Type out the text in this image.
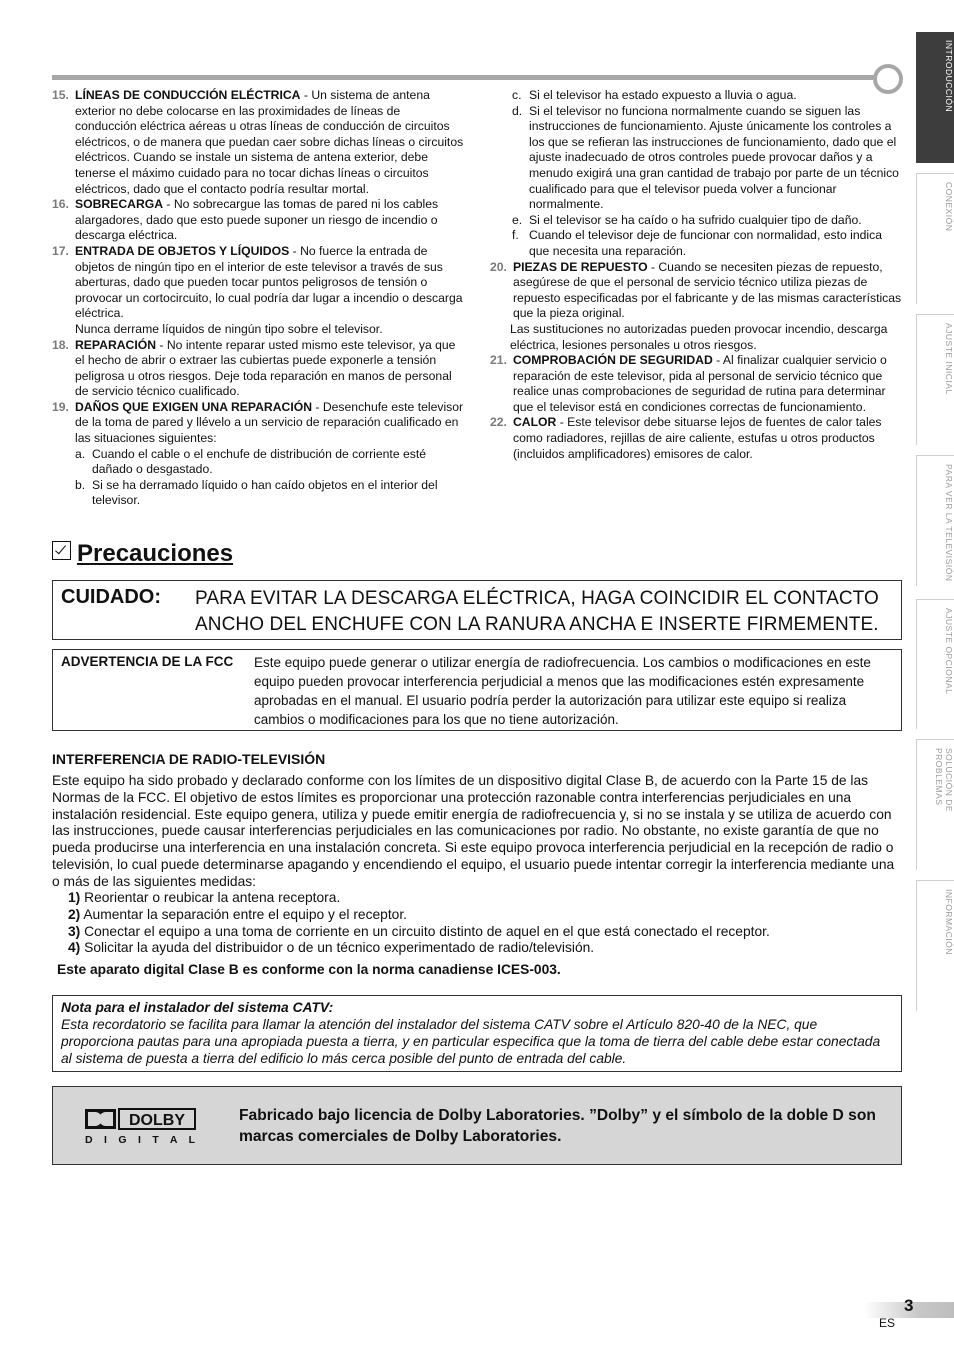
INTRODUCCIÓN
CONEXIÓN
AJUSTE INICIAL
PARA VER LA TELEVISIÓN
AJUSTE OPCIONAL
SOLUCIÓN DE PROBLEMAS
INFORMACIÓN
15. LÍNEAS DE CONDUCCIÓN ELÉCTRICA - Un sistema de antena exterior no debe colocarse en las proximidades de líneas de conducción eléctrica aéreas u otras líneas de conducción de circuitos eléctricos, o de manera que puedan caer sobre dichas líneas o circuitos eléctricos. Cuando se instale un sistema de antena exterior, debe tenerse el máximo cuidado para no tocar dichas líneas o circuitos eléctricos, dado que el contacto podría resultar mortal.
16. SOBRECARGA - No sobrecargue las tomas de pared ni los cables alargadores, dado que esto puede suponer un riesgo de incendio o descarga eléctrica.
17. ENTRADA DE OBJETOS Y LÍQUIDOS - No fuerce la entrada de objetos de ningún tipo en el interior de este televisor a través de sus aberturas, dado que pueden tocar puntos peligrosos de tensión o provocar un cortocircuito, lo cual podría dar lugar a incendio o descarga eléctrica.
Nunca derrame líquidos de ningún tipo sobre el televisor.
18. REPARACIÓN - No intente reparar usted mismo este televisor, ya que el hecho de abrir o extraer las cubiertas puede exponerle a tensión peligrosa u otros riesgos. Deje toda reparación en manos de personal de servicio técnico cualificado.
19. DAÑOS QUE EXIGEN UNA REPARACIÓN - Desenchufe este televisor de la toma de pared y llévelo a un servicio de reparación cualificado en las situaciones siguientes:
a. Cuando el cable o el enchufe de distribución de corriente esté dañado o desgastado.
b. Si se ha derramado líquido o han caído objetos en el interior del televisor.
c. Si el televisor ha estado expuesto a lluvia o agua.
d. Si el televisor no funciona normalmente cuando se siguen las instrucciones de funcionamiento. Ajuste únicamente los controles a los que se refieran las instrucciones de funcionamiento, dado que el ajuste inadecuado de otros controles puede provocar daños y a menudo exigirá una gran cantidad de trabajo por parte de un técnico cualificado para que el televisor pueda volver a funcionar normalmente.
e. Si el televisor se ha caído o ha sufrido cualquier tipo de daño.
f. Cuando el televisor deje de funcionar con normalidad, esto indica que necesita una reparación.
20. PIEZAS DE REPUESTO - Cuando se necesiten piezas de repuesto, asegúrese de que el personal de servicio técnico utiliza piezas de repuesto especificadas por el fabricante y de las mismas características que la pieza original.
Las sustituciones no autorizadas pueden provocar incendio, descarga eléctrica, lesiones personales u otros riesgos.
21. COMPROBACIÓN DE SEGURIDAD - Al finalizar cualquier servicio o reparación de este televisor, pida al personal de servicio técnico que realice unas comprobaciones de seguridad de rutina para determinar que el televisor está en condiciones correctas de funcionamiento.
22. CALOR - Este televisor debe situarse lejos de fuentes de calor tales como radiadores, rejillas de aire caliente, estufas u otros productos (incluidos amplificadores) emisores de calor.
Precauciones
CUIDADO: PARA EVITAR LA DESCARGA ELÉCTRICA, HAGA COINCIDIR EL CONTACTO ANCHO DEL ENCHUFE CON LA RANURA ANCHA E INSERTE FIRMEMENTE.
ADVERTENCIA DE LA FCC Este equipo puede generar o utilizar energía de radiofrecuencia. Los cambios o modificaciones en este equipo pueden provocar interferencia perjudicial a menos que las modificaciones estén expresamente aprobadas en el manual. El usuario podría perder la autorización para utilizar este equipo si realiza cambios o modificaciones para los que no tiene autorización.
INTERFERENCIA DE RADIO-TELEVISIÓN
Este equipo ha sido probado y declarado conforme con los límites de un dispositivo digital Clase B, de acuerdo con la Parte 15 de las Normas de la FCC. El objetivo de estos límites es proporcionar una protección razonable contra interferencias perjudiciales en una instalación residencial. Este equipo genera, utiliza y puede emitir energía de radiofrecuencia y, si no se instala y se utiliza de acuerdo con las instrucciones, puede causar interferencias perjudiciales en las comunicaciones por radio. No obstante, no existe garantía de que no pueda producirse una interferencia en una instalación concreta. Si este equipo provoca interferencia perjudicial en la recepción de radio o televisión, lo cual puede determinarse apagando y encendiendo el equipo, el usuario puede intentar corregir la interferencia mediante una o más de las siguientes medidas:
1) Reorientar o reubicar la antena receptora.
2) Aumentar la separación entre el equipo y el receptor.
3) Conectar el equipo a una toma de corriente en un circuito distinto de aquel en el que está conectado el receptor.
4) Solicitar la ayuda del distribuidor o de un técnico experimentado de radio/televisión.
Este aparato digital Clase B es conforme con la norma canadiense ICES-003.
Nota para el instalador del sistema CATV:
Esta recordatorio se facilita para llamar la atención del instalador del sistema CATV sobre el Artículo 820-40 de la NEC, que proporciona pautas para una apropiada puesta a tierra, y en particular especifica que la toma de tierra del cable debe estar conectada al sistema de puesta a tierra del edificio lo más cerca posible del punto de entrada del cable.
DOLBY
D I G I T A L
Fabricado bajo licencia de Dolby Laboratories. ”Dolby” y el símbolo de la doble D son marcas comerciales de Dolby Laboratories.
3
ES
